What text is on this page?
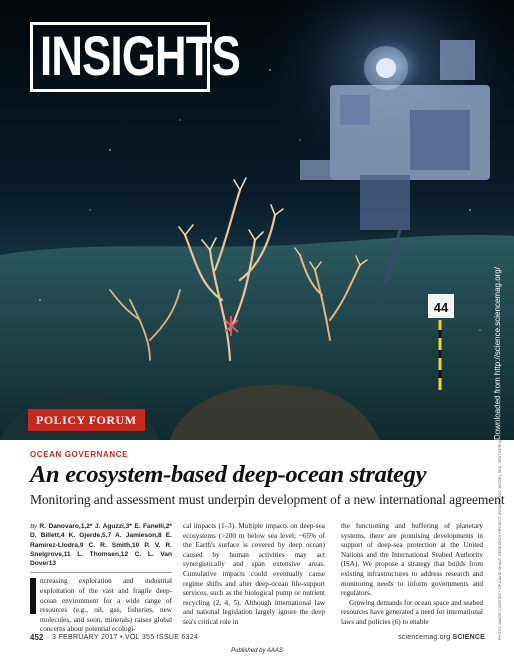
44
INSIGHTS
POLICY FORUM	Downloaded from http://science.sciencemag.org/
PHOTO: IMAGE COURTESY OF DAVID SHALE. RESEARCH PROJECT (NOAA & ROV JASON); SEA. VENTS/PRI & FORESTRY RESEARCH TEAM
OCEAN GOVERNANCE
An ecosystem-based deep-ocean strategy
Monitoring and assessment must underpin development of a new international agreement
By R. Danovaro,1,2* J. Aguzzi,3* E. Fanelli,2* D. Billett,4 K. Gjerde,5,7 A. Jamieson,8 E. Ramirez-Llodra,9 C. R. Smith,10 P. V. R. Snelgrove,11 L. Thomsen,12 C. L. Van Dover13
ncreasing exploration and industrial exploitation of the vast and fragile deep-ocean environment for a wide range of resources (e.g., oil, gas, fisheries, new molecules, and soon, minerals) raises global concerns about potential ecologi-
cal impacts (1–3). Multiple impacts on deep-sea ecosystems (>200 m below sea level; ~65% of the Earth's surface is covered by deep ocean) caused by human activities may act synergistically and span extensive areas. Cumulative impacts could eventually cause regime shifts and alter deep-ocean life-support services, such as the biological pump or nutrient recycling (2, 4, 5). Although international law and national legislation largely ignore the deep sea's critical role in
the functioning and buffering of planetary systems, there are promising developments in support of deep-sea protection at the United Nations and the International Seabed Authority (ISA). We propose a strategy that builds from existing infrastructures to address research and monitoring needs to inform governments and regulators.
Growing demands for ocean space and seabed resources have generated a need for international laws and policies (6) to enable
452 3 FEBRUARY 2017 • VOL 355 ISSUE 6324	sciencemag.org SCIENCE
Published by AAAS
